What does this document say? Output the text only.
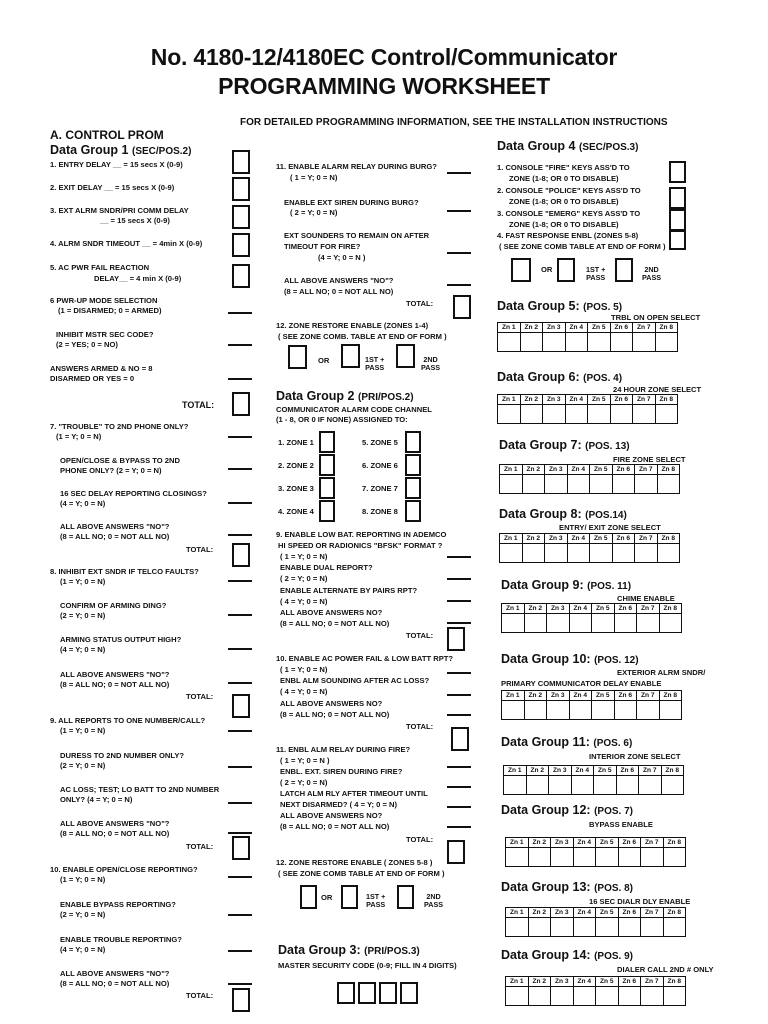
No. 4180-12/4180EC Control/Communicator
PROGRAMMING WORKSHEET
FOR DETAILED PROGRAMMING INFORMATION, SEE THE INSTALLATION INSTRUCTIONS
A. CONTROL PROM
Data Group 1 (SEC/POS.2)
1. ENTRY DELAY __ = 15 secs X (0-9)
2. EXIT DELAY __ = 15 secs X (0-9)
3. EXT ALRM SNDR/PRI COMM DELAY
__ = 15 secs X (0-9)
4. ALRM SNDR TIMEOUT __ = 4min X (0-9)
5. AC PWR FAIL REACTION
DELAY__ = 4 min X (0-9)
6 PWR-UP MODE SELECTION
(1 = DISARMED; 0 = ARMED)
INHIBIT MSTR SEC CODE?
(2 = YES; 0 = NO)
ANSWERS ARMED & NO = 8
DISARMED OR YES = 0
TOTAL:
7. "TROUBLE" TO 2ND PHONE ONLY?
(1 = Y; 0 = N)
OPEN/CLOSE & BYPASS TO 2ND
PHONE ONLY? (2 = Y; 0 = N)
16 SEC DELAY REPORTING CLOSINGS?
(4 = Y; 0 = N)
ALL ABOVE ANSWERS "NO"?
(8 = ALL NO; 0 = NOT ALL NO)
TOTAL:
8. INHIBIT EXT SNDR IF TELCO FAULTS?
(1 = Y; 0 = N)
CONFIRM OF ARMING DING?
(2 = Y; 0 = N)
ARMING STATUS OUTPUT HIGH?
(4 = Y; 0 = N)
ALL ABOVE ANSWERS "NO"?
(8 = ALL NO; 0 = NOT ALL NO)
TOTAL:
9. ALL REPORTS TO ONE NUMBER/CALL?
(1 = Y; 0 = N)
DURESS TO 2ND NUMBER ONLY?
(2 = Y; 0 = N)
AC LOSS; TEST; LO BATT TO 2ND NUMBER
ONLY? (4 = Y; 0 = N)
ALL ABOVE ANSWERS "NO"?
(8 = ALL NO; 0 = NOT ALL NO)
TOTAL:
10. ENABLE OPEN/CLOSE REPORTING?
(1 = Y; 0 = N)
ENABLE BYPASS REPORTING?
(2 = Y; 0 = N)
ENABLE TROUBLE REPORTING?
(4 = Y; 0 = N)
ALL ABOVE ANSWERS "NO"?
(8 = ALL NO; 0 = NOT ALL NO)
TOTAL:
11. ENABLE ALARM RELAY DURING BURG?
( 1 = Y; 0 = N)
ENABLE EXT SIREN DURING BURG?
( 2 = Y; 0 = N)
EXT SOUNDERS TO REMAIN ON AFTER
TIMEOUT FOR FIRE?
(4 = Y; 0 = N )
ALL ABOVE ANSWERS "NO"?
(8 = ALL NO; 0 = NOT ALL NO)
TOTAL:
12. ZONE RESTORE ENABLE (ZONES 1-4)
( SEE ZONE COMB. TABLE AT END OF FORM )
OR	1ST +
PASS
2ND
PASS
Data Group 2 (PRI/POS.2)
COMMUNICATOR ALARM CODE CHANNEL
(1 - 8, OR 0 IF NONE) ASSIGNED TO:
1. ZONE 1	5. ZONE 5
2. ZONE 2	6. ZONE 6
3. ZONE 3	7. ZONE 7
4. ZONE 4	8. ZONE 8
9. ENABLE LOW BAT. REPORTING IN ADEMCO
HI SPEED OR RADIONICS "BFSK" FORMAT ?
( 1 = Y; 0 = N)
ENABLE DUAL REPORT?
( 2 = Y; 0 = N)
ENABLE ALTERNATE BY PAIRS RPT?
( 4 = Y; 0 = N)
ALL ABOVE ANSWERS NO?
(8 = ALL NO; 0 = NOT ALL NO)
TOTAL:
10. ENABLE AC POWER FAIL & LOW BATT RPT?
( 1 = Y; 0 = N)
ENBL ALM SOUNDING AFTER AC LOSS?
( 4 = Y; 0 = N)
ALL ABOVE ANSWERS NO?
(8 = ALL NO; 0 = NOT ALL NO)
TOTAL:
11. ENBL ALM RELAY DURING FIRE?
( 1 = Y; 0 = N )
ENBL. EXT. SIREN DURING FIRE?
( 2 = Y; 0 = N)
LATCH ALM RLY AFTER TIMEOUT UNTIL
NEXT DISARMED? ( 4 = Y; 0 = N)
ALL ABOVE ANSWERS NO?
(8 = ALL NO; 0 = NOT ALL NO)
TOTAL:
12. ZONE RESTORE ENABLE ( ZONES 5-8 )
( SEE ZONE COMB TABLE AT END OF FORM )
OR	1ST +
PASS
2ND
PASS
Data Group 3: (PRI/POS.3)
MASTER SECURITY CODE (0-9; FILL IN 4 DIGITS)
Data Group 4 (SEC/POS.3)
1. CONSOLE "FIRE" KEYS ASS'D TO
ZONE (1-8; OR 0 TO DISABLE)
2. CONSOLE "POLICE" KEYS ASS'D TO
ZONE (1-8; OR 0 TO DISABLE)
3. CONSOLE "EMERG" KEYS ASS'D TO
ZONE (1-8; OR 0 TO DISABLE)
4. FAST RESPONSE ENBL (ZONES 5-8)
( SEE ZONE COMB TABLE AT END OF FORM )
OR	1ST +
PASS
2ND
PASS
Data Group 5: (POS. 5)
TRBL ON OPEN SELECT
Zn 1	Zn 2	Zn 3	Zn 4	Zn 5	Zn 6	Zn 7	Zn 8

Data Group 6: (POS. 4)
24 HOUR ZONE SELECT
Zn 1	Zn 2	Zn 3	Zn 4	Zn 5	Zn 6	Zn 7	Zn 8

Data Group 7: (POS. 13)
FIRE ZONE SELECT
Zn 1	Zn 2	Zn 3	Zn 4	Zn 5	Zn 6	Zn 7	Zn 8

Data Group 8: (POS.14)
ENTRY/ EXIT ZONE SELECT
Zn 1	Zn 2	Zn 3	Zn 4	Zn 5	Zn 6	Zn 7	Zn 8

Data Group 9: (POS. 11)
CHIME ENABLE
Zn 1	Zn 2	Zn 3	Zn 4	Zn 5	Zn 6	Zn 7	Zn 8

Data Group 10: (POS. 12)
EXTERIOR ALRM SNDR/
PRIMARY COMMUNICATOR DELAY ENABLE
Zn 1	Zn 2	Zn 3	Zn 4	Zn 5	Zn 6	Zn 7	Zn 8

Data Group 11: (POS. 6)
INTERIOR ZONE SELECT
Zn 1	Zn 2	Zn 3	Zn 4	Zn 5	Zn 6	Zn 7	Zn 8

Data Group 12: (POS. 7)
BYPASS ENABLE
Zn 1	Zn 2	Zn 3	Zn 4	Zn 5	Zn 6	Zn 7	Zn 8

Data Group 13: (POS. 8)
16 SEC DIALR DLY ENABLE
Zn 1	Zn 2	Zn 3	Zn 4	Zn 5	Zn 6	Zn 7	Zn 8

Data Group 14: (POS. 9)
DIALER CALL 2ND # ONLY
Zn 1	Zn 2	Zn 3	Zn 4	Zn 5	Zn 6	Zn 7	Zn 8
